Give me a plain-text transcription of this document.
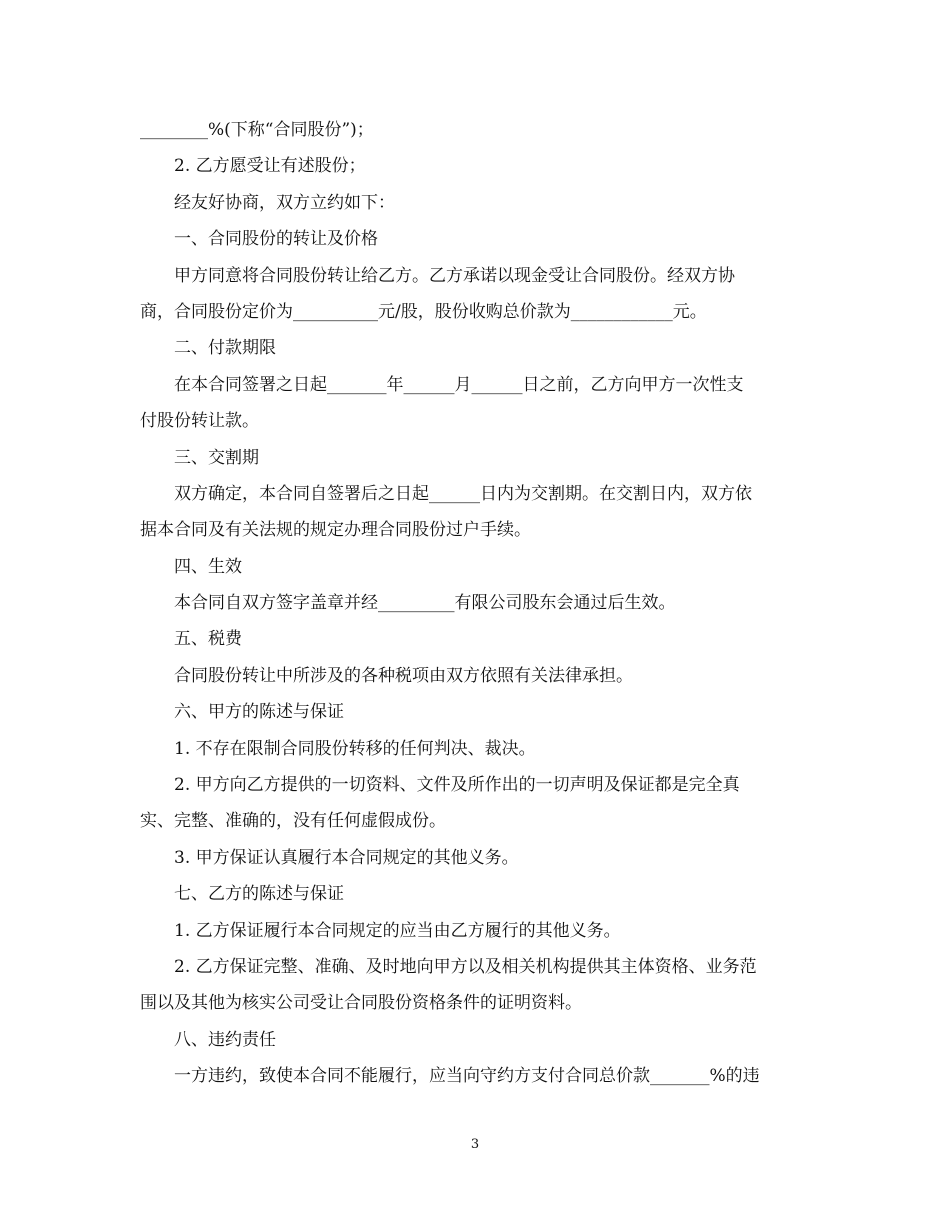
________%(下称“合同股份”)；
2. 乙方愿受让有述股份；
经友好协商，双方立约如下：
一、合同股份的转让及价格
甲方同意将合同股份转让给乙方。乙方承诺以现金受让合同股份。经双方协
商，合同股份定价为__________元/股，股份收购总价款为____________元。
二、付款期限
在本合同签署之日起_______年______月______日之前，乙方向甲方一次性支
付股份转让款。
三、交割期
双方确定，本合同自签署后之日起______日内为交割期。在交割日内，双方依
据本合同及有关法规的规定办理合同股份过户手续。
四、生效
本合同自双方签字盖章并经_________有限公司股东会通过后生效。
五、税费
合同股份转让中所涉及的各种税项由双方依照有关法律承担。
六、甲方的陈述与保证
1. 不存在限制合同股份转移的任何判决、裁决。
2. 甲方向乙方提供的一切资料、文件及所作出的一切声明及保证都是完全真
实、完整、准确的，没有任何虚假成份。
3. 甲方保证认真履行本合同规定的其他义务。
七、乙方的陈述与保证
1. 乙方保证履行本合同规定的应当由乙方履行的其他义务。
2. 乙方保证完整、准确、及时地向甲方以及相关机构提供其主体资格、业务范
围以及其他为核实公司受让合同股份资格条件的证明资料。
八、违约责任
一方违约，致使本合同不能履行，应当向守约方支付合同总价款_______%的违
3
